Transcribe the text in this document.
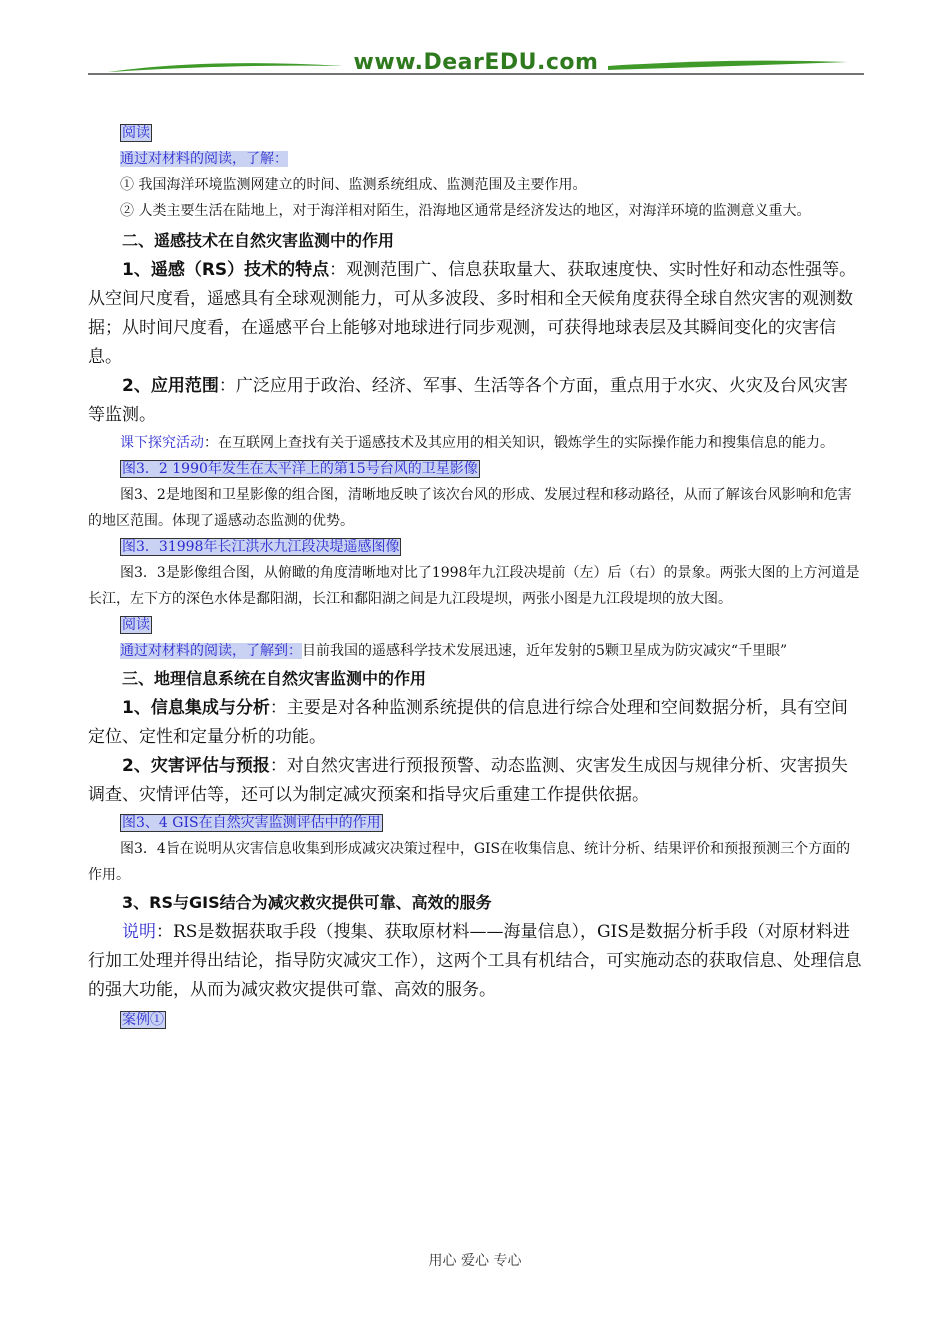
www.DearEDU.com

阅读

通过对材料的阅读，了解：

① 我国海洋环境监测网建立的时间、监测系统组成、监测范围及主要作用。

② 人类主要生活在陆地上，对于海洋相对陌生，沿海地区通常是经济发达的地区，对海洋环境的监测意义重大。

二、遥感技术在自然灾害监测中的作用

1、遥感（RS）技术的特点：观测范围广、信息获取量大、获取速度快、实时性好和动态性强等。从空间尺度看，遥感具有全球观测能力，可从多波段、多时相和全天候角度获得全球自然灾害的观测数据；从时间尺度看，在遥感平台上能够对地球进行同步观测，可获得地球表层及其瞬间变化的灾害信息。

2、应用范围：广泛应用于政治、经济、军事、生活等各个方面，重点用于水灾、火灾及台风灾害等监测。

课下探究活动：在互联网上查找有关于遥感技术及其应用的相关知识，锻炼学生的实际操作能力和搜集信息的能力。

图3．2 1990年发生在太平洋上的第15号台风的卫星影像

图3、2是地图和卫星影像的组合图，清晰地反映了该次台风的形成、发展过程和移动路径，从而了解该台风影响和危害的地区范围。体现了遥感动态监测的优势。

图3．31998年长江洪水九江段决堤遥感图像

图3．3是影像组合图，从俯瞰的角度清晰地对比了1998年九江段决堤前（左）后（右）的景象。两张大图的上方河道是长江，左下方的深色水体是鄱阳湖，长江和鄱阳湖之间是九江段堤坝，两张小图是九江段堤坝的放大图。

阅读

通过对材料的阅读，了解到：目前我国的遥感科学技术发展迅速，近年发射的5颗卫星成为防灾减灾“千里眼”

三、地理信息系统在自然灾害监测中的作用

1、信息集成与分析：主要是对各种监测系统提供的信息进行综合处理和空间数据分析，具有空间定位、定性和定量分析的功能。

2、灾害评估与预报：对自然灾害进行预报预警、动态监测、灾害发生成因与规律分析、灾害损失调查、灾情评估等，还可以为制定减灾预案和指导灾后重建工作提供依据。

图3、4 GIS在自然灾害监测评估中的作用

图3．4旨在说明从灾害信息收集到形成减灾决策过程中，GIS在收集信息、统计分析、结果评价和预报预测三个方面的作用。

3、RS与GIS结合为减灾救灾提供可靠、高效的服务

说明：RS是数据获取手段（搜集、获取原材料——海量信息），GIS是数据分析手段（对原材料进行加工处理并得出结论，指导防灾减灾工作），这两个工具有机结合，可实施动态的获取信息、处理信息的强大功能，从而为减灾救灾提供可靠、高效的服务。

案例①

用心 爱心 专心
